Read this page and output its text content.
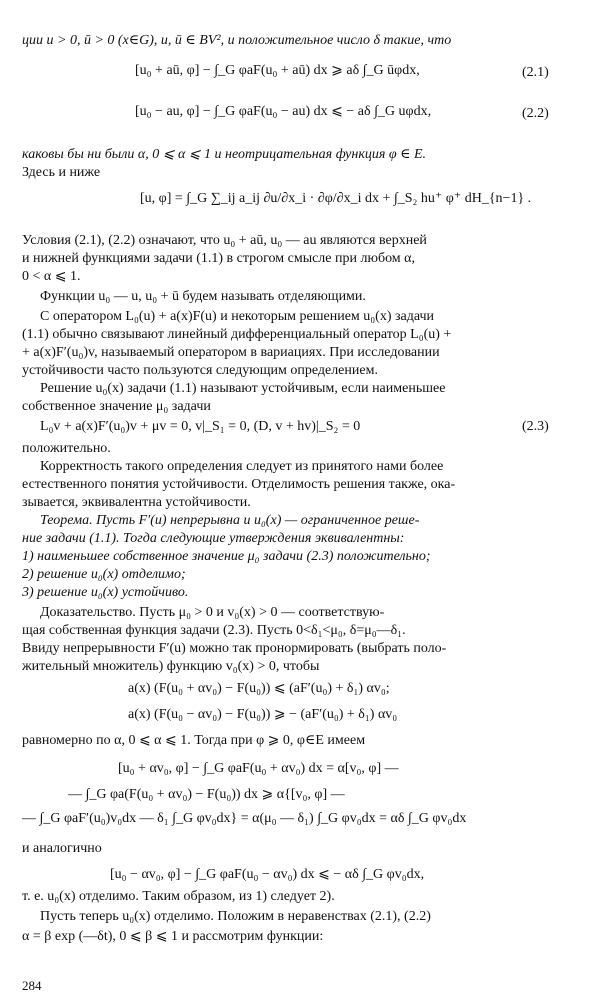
ции u > 0, ū > 0 (x∈G), u, ū ∈ BV², и положительное число δ такие, что
[u₀ + aū, φ] − ∫_G φaF(u₀ + aū) dx ⩾ aδ ∫_G ūφdx,	(2.1)
[u₀ − au, φ] − ∫_G φaF(u₀ − au) dx ⩽ − aδ ∫_G uφdx,	(2.2)
каковы бы ни были α, 0 ⩽ α ⩽ 1 и неотрицательная функция φ ∈ E.
Здесь и ниже
[u, φ] = ∫_G ∑_ij a_ij ∂u/∂x_i · ∂φ/∂x_i dx + ∫_S₂ hu⁺ φ⁺ dH_{n−1} .
Условия (2.1), (2.2) означают, что u₀ + aū, u₀ — au являются верхней
и нижней функциями задачи (1.1) в строгом смысле при любом α,
0 < α ⩽ 1.
Функции u₀ — u, u₀ + ū будем называть отделяющими.
С оператором L₀(u) + a(x)F(u) и некоторым решением u₀(x) задачи
(1.1) обычно связывают линейный дифференциальный оператор L₀(u) +
+ a(x)F′(u₀)v, называемый оператором в вариациях. При исследовании
устойчивости часто пользуются следующим определением.
Решение u₀(x) задачи (1.1) называют устойчивым, если наименьшее
собственное значение μ₀ задачи
L₀v + a(x)F′(u₀)v + μv = 0, v|_S₁ = 0, (D, v + hv)|_S₂ = 0	(2.3)
положительно.
Корректность такого определения следует из принятого нами более
естественного понятия устойчивости. Отделимость решения также, ока-
зывается, эквивалентна устойчивости.
Теорема. Пусть F′(u) непрерывна и u₀(x) — ограниченное реше-
ние задачи (1.1). Тогда следующие утверждения эквивалентны:
1) наименьшее собственное значение μ₀ задачи (2.3) положительно;
2) решение u₀(x) отделимо;
3) решение u₀(x) устойчиво.
Доказательство. Пусть μ₀ > 0 и v₀(x) > 0 — соответствую-
щая собственная функция задачи (2.3). Пусть 0<δ₁<μ₀, δ=μ₀—δ₁.
Ввиду непрерывности F′(u) можно так пронормировать (выбрать поло-
жительный множитель) функцию v₀(x) > 0, чтобы
a(x) (F(u₀ + αv₀) − F(u₀)) ⩽ (aF′(u₀) + δ₁) αv₀;
a(x) (F(u₀ − αv₀) − F(u₀)) ⩾ − (aF′(u₀) + δ₁) αv₀
равномерно по α, 0 ⩽ α ⩽ 1. Тогда при φ ⩾ 0, φ∈E имеем
[u₀ + αv₀, φ] − ∫_G φaF(u₀ + αv₀) dx = α[v₀, φ] —
— ∫_G φa(F(u₀ + αv₀) − F(u₀)) dx ⩾ α{[v₀, φ] —
— ∫_G φaF′(u₀)v₀dx — δ₁ ∫_G φv₀dx} = α(μ₀ — δ₁) ∫_G φv₀dx = αδ ∫_G φv₀dx
и аналогично
[u₀ − αv₀, φ] − ∫_G φaF(u₀ − αv₀) dx ⩽ − αδ ∫_G φv₀dx,
т. е. u₀(x) отделимо. Таким образом, из 1) следует 2).
284
Пусть теперь u₀(x) отделимо. Положим в неравенствах (2.1), (2.2)
α = β exp (—δt), 0 ⩽ β ⩽ 1 и рассмотрим функции:
